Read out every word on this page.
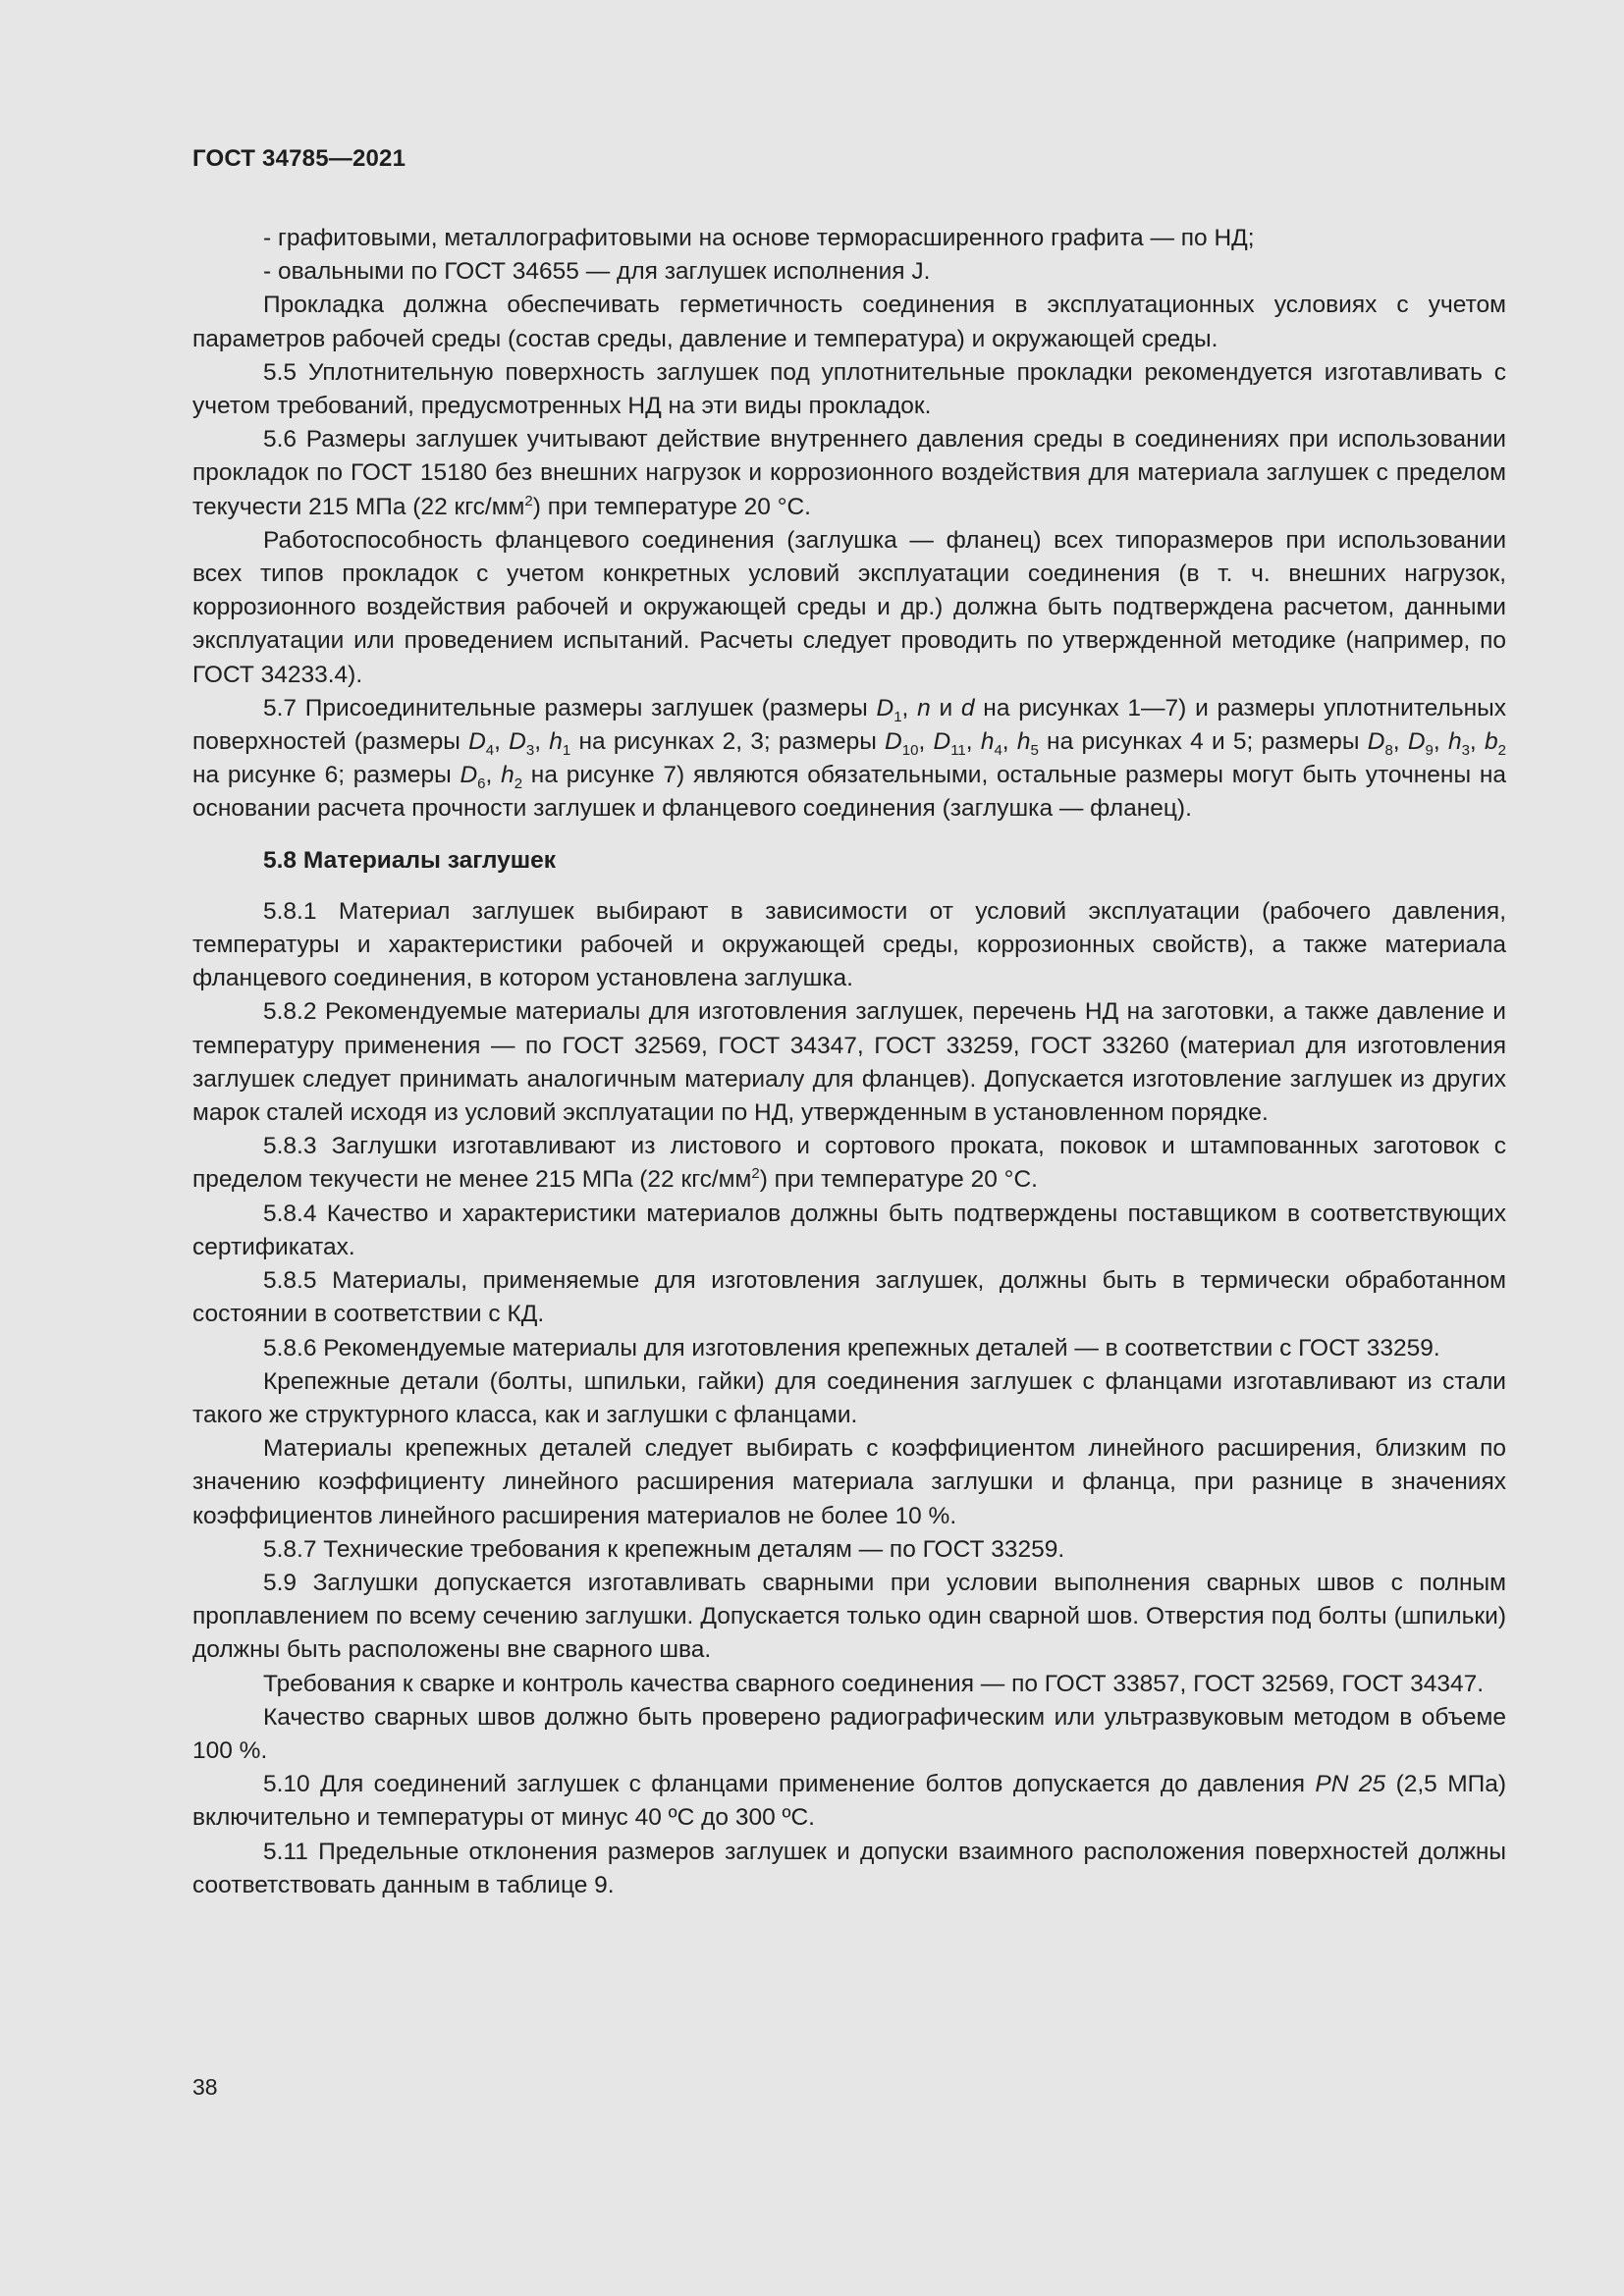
ГОСТ 34785—2021

- графитовыми, металлографитовыми на основе терморасширенного графита — по НД;

- овальными по ГОСТ 34655 — для заглушек исполнения J.

Прокладка должна обеспечивать герметичность соединения в эксплуатационных условиях с учетом параметров рабочей среды (состав среды, давление и температура) и окружающей среды.

5.5 Уплотнительную поверхность заглушек под уплотнительные прокладки рекомендуется изготавливать с учетом требований, предусмотренных НД на эти виды прокладок.

5.6 Размеры заглушек учитывают действие внутреннего давления среды в соединениях при использовании прокладок по ГОСТ 15180 без внешних нагрузок и коррозионного воздействия для материала заглушек с пределом текучести 215 МПа (22 кгс/$мм^2$) при температуре 20 °С.

Работоспособность фланцевого соединения (заглушка — фланец) всех типоразмеров при использовании всех типов прокладок с учетом конкретных условий эксплуатации соединения (в т. ч. внешних нагрузок, коррозионного воздействия рабочей и окружающей среды и др.) должна быть подтверждена расчетом, данными эксплуатации или проведением испытаний. Расчеты следует проводить по утвержденной методике (например, по ГОСТ 34233.4).

5.7 Присоединительные размеры заглушек (размеры $D_1$, n и d на рисунках 1—7) и размеры уплотнительных поверхностей (размеры $D_4$, $D_3$, $h_1$ на рисунках 2, 3; размеры $D_{10}$, $D_{11}$, $h_4$, $h_5$ на рисунках 4 и 5; размеры $D_8$, $D_9$, $h_3$, $b_2$ на рисунке 6; размеры $D_6$, $h_2$ на рисунке 7) являются обязательными, остальные размеры могут быть уточнены на основании расчета прочности заглушек и фланцевого соединения (заглушка — фланец).

5.8 Материалы заглушек

5.8.1 Материал заглушек выбирают в зависимости от условий эксплуатации (рабочего давления, температуры и характеристики рабочей и окружающей среды, коррозионных свойств), а также материала фланцевого соединения, в котором установлена заглушка.

5.8.2 Рекомендуемые материалы для изготовления заглушек, перечень НД на заготовки, а также давление и температуру применения — по ГОСТ 32569, ГОСТ 34347, ГОСТ 33259, ГОСТ 33260 (материал для изготовления заглушек следует принимать аналогичным материалу для фланцев). Допускается изготовление заглушек из других марок сталей исходя из условий эксплуатации по НД, утвержденным в установленном порядке.

5.8.3 Заглушки изготавливают из листового и сортового проката, поковок и штампованных заготовок с пределом текучести не менее 215 МПа (22 кгс/$мм^2$) при температуре 20 °С.

5.8.4 Качество и характеристики материалов должны быть подтверждены поставщиком в соответствующих сертификатах.

5.8.5 Материалы, применяемые для изготовления заглушек, должны быть в термически обработанном состоянии в соответствии с КД.

5.8.6 Рекомендуемые материалы для изготовления крепежных деталей — в соответствии с ГОСТ 33259.

Крепежные детали (болты, шпильки, гайки) для соединения заглушек с фланцами изготавливают из стали такого же структурного класса, как и заглушки с фланцами.

Материалы крепежных деталей следует выбирать с коэффициентом линейного расширения, близким по значению коэффициенту линейного расширения материала заглушки и фланца, при разнице в значениях коэффициентов линейного расширения материалов не более 10 %.

5.8.7 Технические требования к крепежным деталям — по ГОСТ 33259.

5.9 Заглушки допускается изготавливать сварными при условии выполнения сварных швов с полным проплавлением по всему сечению заглушки. Допускается только один сварной шов. Отверстия под болты (шпильки) должны быть расположены вне сварного шва.

Требования к сварке и контроль качества сварного соединения — по ГОСТ 33857, ГОСТ 32569, ГОСТ 34347.

Качество сварных швов должно быть проверено радиографическим или ультразвуковым методом в объеме 100 %.

5.10 Для соединений заглушек с фланцами применение болтов допускается до давления PN 25 (2,5 МПа) включительно и температуры от минус 40 ºС до 300 ºС.

5.11 Предельные отклонения размеров заглушек и допуски взаимного расположения поверхностей должны соответствовать данным в таблице 9.

38
